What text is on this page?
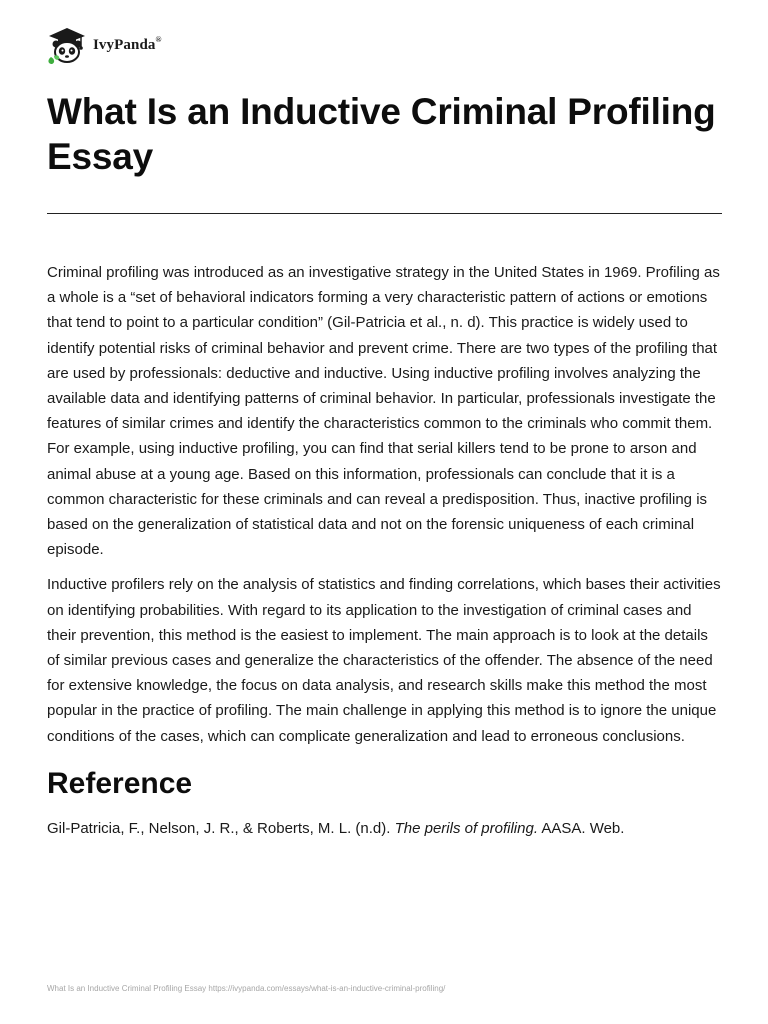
IvyPanda®
What Is an Inductive Criminal Profiling Essay

Criminal profiling was introduced as an investigative strategy in the United States in 1969. Profiling as a whole is a “set of behavioral indicators forming a very characteristic pattern of actions or emotions that tend to point to a particular condition” (Gil-Patricia et al., n. d). This practice is widely used to identify potential risks of criminal behavior and prevent crime. There are two types of the profiling that are used by professionals: deductive and inductive. Using inductive profiling involves analyzing the available data and identifying patterns of criminal behavior. In particular, professionals investigate the features of similar crimes and identify the characteristics common to the criminals who commit them. For example, using inductive profiling, you can find that serial killers tend to be prone to arson and animal abuse at a young age. Based on this information, professionals can conclude that it is a common characteristic for these criminals and can reveal a predisposition. Thus, inactive profiling is based on the generalization of statistical data and not on the forensic uniqueness of each criminal episode.

Inductive profilers rely on the analysis of statistics and finding correlations, which bases their activities on identifying probabilities. With regard to its application to the investigation of criminal cases and their prevention, this method is the easiest to implement. The main approach is to look at the details of similar previous cases and generalize the characteristics of the offender. The absence of the need for extensive knowledge, the focus on data analysis, and research skills make this method the most popular in the practice of profiling. The main challenge in applying this method is to ignore the unique conditions of the cases, which can complicate generalization and lead to erroneous conclusions.

Reference
Gil-Patricia, F., Nelson, J. R., & Roberts, M. L. (n.d). The perils of profiling. AASA. Web.
What Is an Inductive Criminal Profiling Essay https://ivypanda.com/essays/what-is-an-inductive-criminal-profiling/
